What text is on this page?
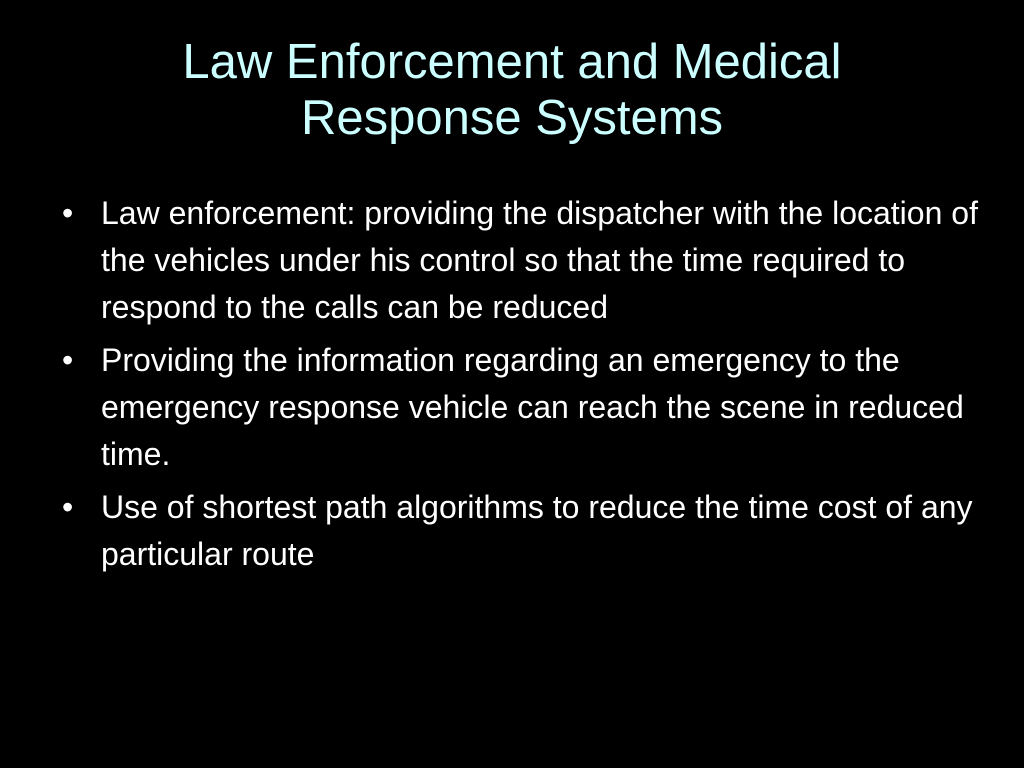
Law Enforcement and Medical
Response Systems
• Law enforcement: providing the dispatcher with the location of the vehicles under his control so that the time required to respond to the calls can be reduced
• Providing the information regarding an emergency to the emergency response vehicle can reach the scene in reduced time.
• Use of shortest path algorithms to reduce the time cost of any particular route
